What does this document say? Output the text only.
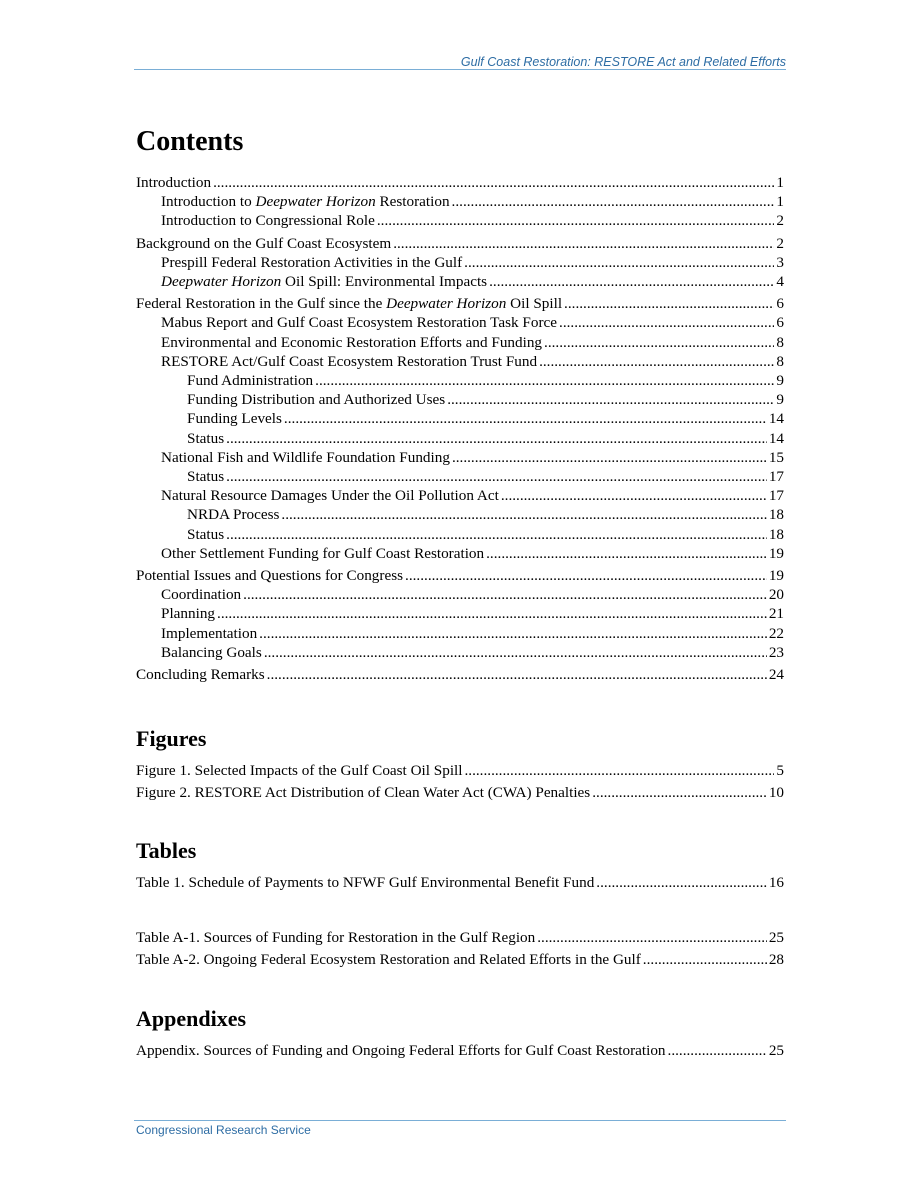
Gulf Coast Restoration: RESTORE Act and Related Efforts
Contents
Introduction .....	1
Introduction to Deepwater Horizon Restoration .....	1
Introduction to Congressional Role .....	2
Background on the Gulf Coast Ecosystem .....	2
Prespill Federal Restoration Activities in the Gulf .....	3
Deepwater Horizon Oil Spill: Environmental Impacts .....	4
Federal Restoration in the Gulf since the Deepwater Horizon Oil Spill .....	6
Mabus Report and Gulf Coast Ecosystem Restoration Task Force .....	6
Environmental and Economic Restoration Efforts and Funding .....	8
RESTORE Act/Gulf Coast Ecosystem Restoration Trust Fund .....	8
Fund Administration .....	9
Funding Distribution and Authorized Uses .....	9
Funding Levels .....	14
Status .....	14
National Fish and Wildlife Foundation Funding .....	15
Status .....	17
Natural Resource Damages Under the Oil Pollution Act .....	17
NRDA Process .....	18
Status .....	18
Other Settlement Funding for Gulf Coast Restoration .....	19
Potential Issues and Questions for Congress .....	19
Coordination .....	20
Planning .....	21
Implementation .....	22
Balancing Goals .....	23
Concluding Remarks .....	24
Figures
Figure 1. Selected Impacts of the Gulf Coast Oil Spill .....	5
Figure 2. RESTORE Act Distribution of Clean Water Act (CWA) Penalties .....	10
Tables
Table 1. Schedule of Payments to NFWF Gulf Environmental Benefit Fund .....	16
Table A-1. Sources of Funding for Restoration in the Gulf Region .....	25
Table A-2. Ongoing Federal Ecosystem Restoration and Related Efforts in the Gulf .....	28
Appendixes
Appendix. Sources of Funding and Ongoing Federal Efforts for Gulf Coast Restoration .....	25
Congressional Research Service
